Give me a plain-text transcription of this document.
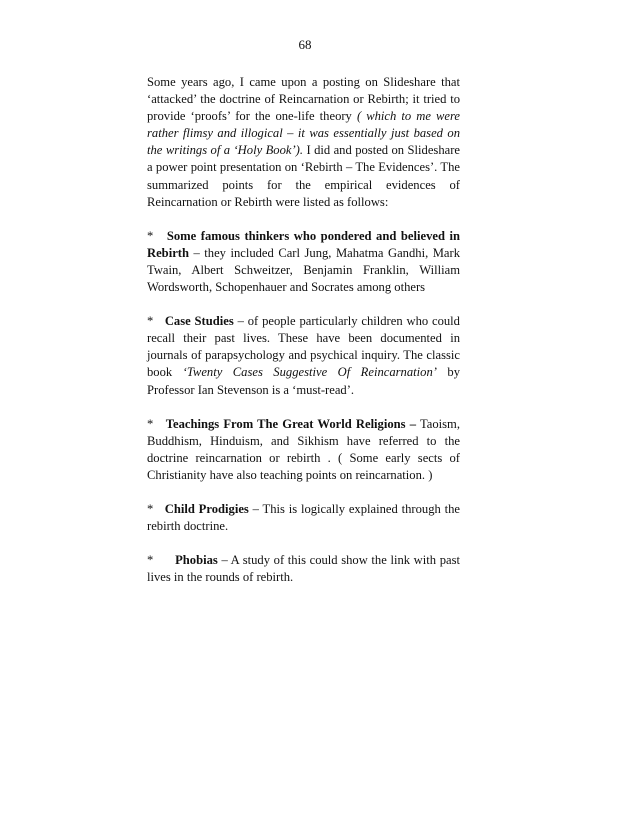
68

Some years ago, I came upon a posting on Slideshare that ‘attacked’ the doctrine of Reincarnation or Rebirth; it tried to provide ‘proofs’ for the one-life theory ( which to me were rather flimsy and illogical – it was essentially just based on the writings of a ‘Holy Book’). I did and posted on Slideshare a power point presentation on ‘Rebirth – The Evidences’. The summarized points for the empirical evidences of Reincarnation or Rebirth were listed as follows:

* Some famous thinkers who pondered and believed in Rebirth – they included Carl Jung, Mahatma Gandhi, Mark Twain, Albert Schweitzer, Benjamin Franklin, William Wordsworth, Schopenhauer and Socrates among others

* Case Studies – of people particularly children who could recall their past lives. These have been documented in journals of parapsychology and psychical inquiry. The classic book ‘Twenty Cases Suggestive Of Reincarnation’ by Professor Ian Stevenson is a ‘must-read’.

* Teachings From The Great World Religions – Taoism, Buddhism, Hinduism, and Sikhism have referred to the doctrine reincarnation or rebirth . ( Some early sects of Christianity have also teaching points on reincarnation. )

* Child Prodigies – This is logically explained through the rebirth doctrine.

* Phobias – A study of this could show the link with past lives in the rounds of rebirth.
